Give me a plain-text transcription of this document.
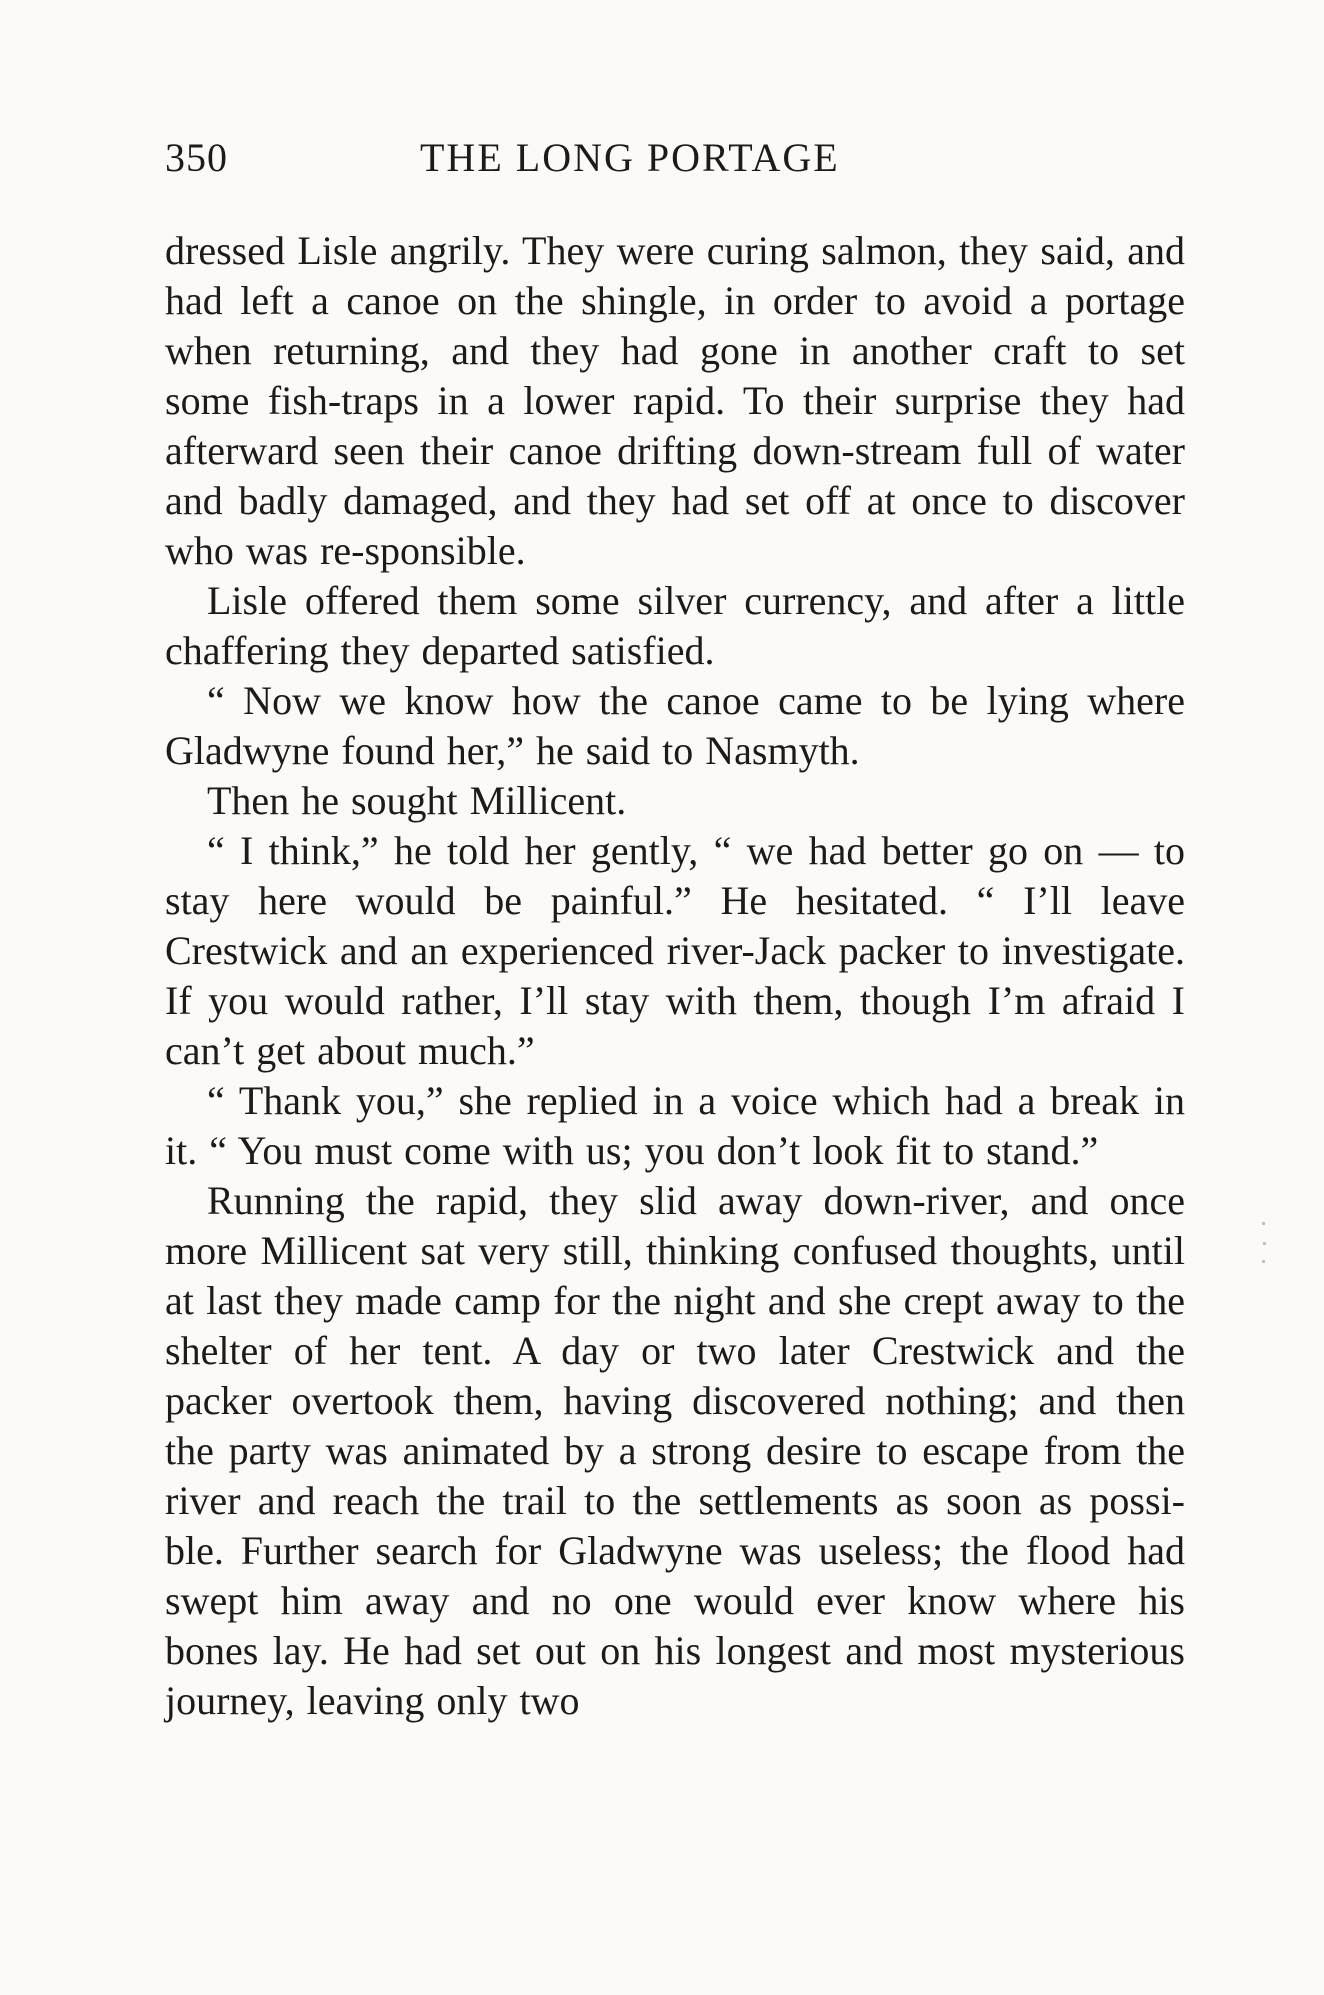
350	THE LONG PORTAGE

dressed Lisle angrily. They were curing salmon, they said, and had left a canoe on the shingle, in order to avoid a portage when returning, and they had gone in another craft to set some fish-traps in a lower rapid. To their surprise they had afterward seen their canoe drifting down-stream full of water and badly damaged, and they had set off at once to discover who was re-sponsible.

Lisle offered them some silver currency, and after a little chaffering they departed satisfied.

“ Now we know how the canoe came to be lying where Gladwyne found her,” he said to Nasmyth.

Then he sought Millicent.

“ I think,” he told her gently, “ we had better go on — to stay here would be painful.” He hesitated. “ I’ll leave Crestwick and an experienced river-Jack packer to investigate. If you would rather, I’ll stay with them, though I’m afraid I can’t get about much.”

“ Thank you,” she replied in a voice which had a break in it. “ You must come with us; you don’t look fit to stand.”

Running the rapid, they slid away down-river, and once more Millicent sat very still, thinking confused thoughts, until at last they made camp for the night and she crept away to the shelter of her tent. A day or two later Crestwick and the packer overtook them, having discovered nothing; and then the party was animated by a strong desire to escape from the river and reach the trail to the settlements as soon as possi-ble. Further search for Gladwyne was useless; the flood had swept him away and no one would ever know where his bones lay. He had set out on his longest and most mysterious journey, leaving only two
